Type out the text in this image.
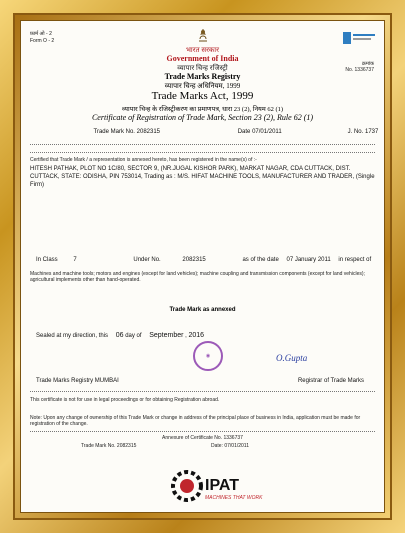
फ़ार्म ओ - 2
Form O - 2
क्रमांक
No. 1336737
भारत सरकार
Government of India
व्यापार चिन्ह रजिस्ट्री
Trade Marks Registry
व्यापार चिन्ह अधिनियम, 1999
Trade Marks Act, 1999
व्यापार चिन्ह के रजिस्ट्रीकरण का प्रमाणपत्र, धारा 23 (2), नियम 62 (1)
Certificate of Registration of Trade Mark, Section 23 (2), Rule 62 (1)
Trade Mark No. 2082315	Date 07/01/2011	J. No. 1737
Certified that Trade Mark / a representation is annexed hereto, has been registered in the name(s) of :-
HITESH PATHAK, PLOT NO 1C/80, SECTOR 9, (NR.JUGAL KISHOR PARK), MARKAT NAGAR, CDA CUTTACK, DIST. CUTTACK, STATE: ODISHA, PIN 753014, Trading as : M/S. HIFAT MACHINE TOOLS, MANUFACTURER AND TRADER, (Single Firm)
In Class	7	Under No.	2082315	as of the date 07 January 2011 in respect of
Machines and machine tools; motors and engines (except for land vehicles); machine coupling and transmission components (except for land vehicles); agricultural implements other than hand-operated.
Trade Mark as annexed
Sealed at my direction, this 06 day of September , 2016
◉	O.Gupta
Trade Marks Registry MUMBAI	Registrar of Trade Marks
This certificate is not for use in legal proceedings or for obtaining Registration abroad.
Note: Upon any change of ownership of this Trade Mark or change in address of the principal place of business in India, application must be made for registration of the change.
Annexure of Certificate No. 1336737
Trade Mark No. 2082315	Date: 07/01/2011
IPAT
MACHINES THAT WORK
